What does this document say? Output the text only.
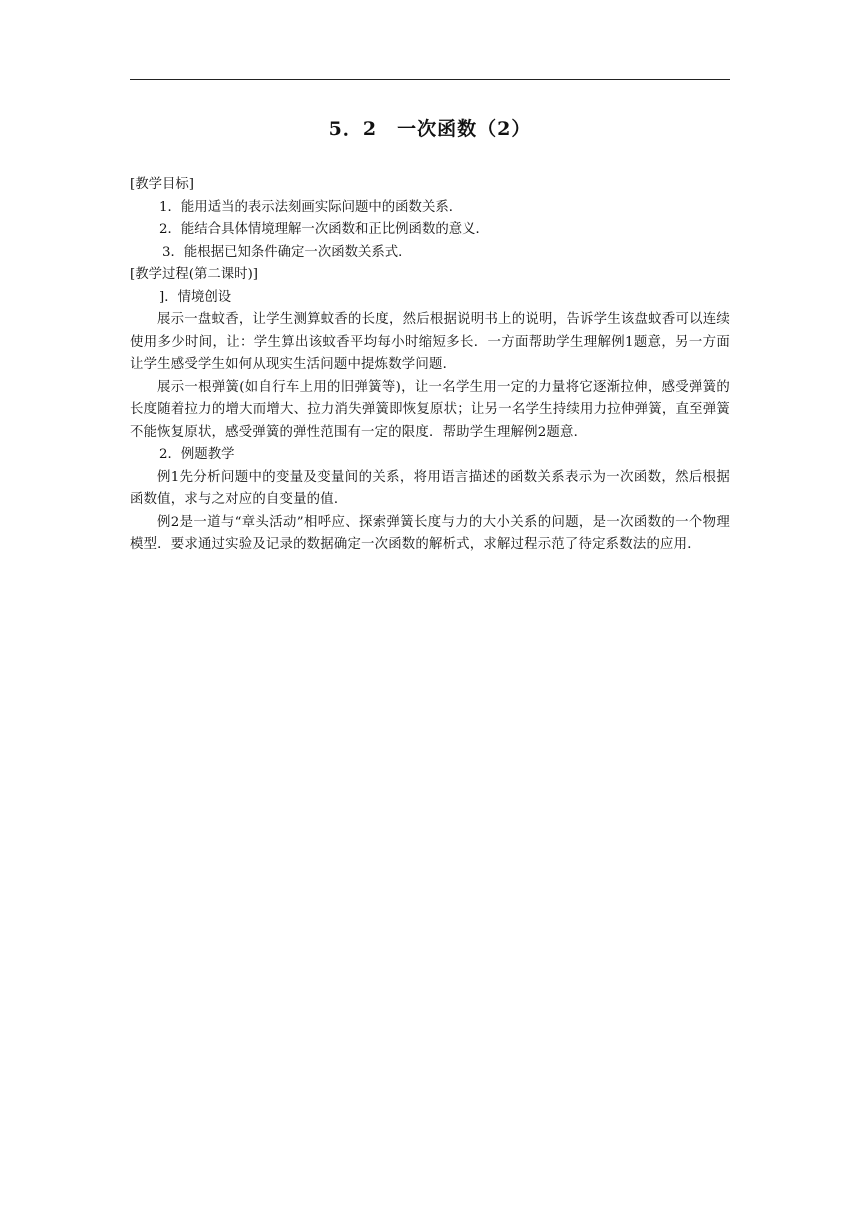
5．2　一次函数（2）

[教学目标]

1．能用适当的表示法刻画实际问题中的函数关系．

2．能结合具体情境理解一次函数和正比例函数的意义．

3．能根据已知条件确定一次函数关系式．

[教学过程(第二课时)]

]．情境创设

展示一盘蚊香，让学生测算蚊香的长度，然后根据说明书上的说明，告诉学生该盘蚊香可以连续使用多少时间，让：学生算出该蚊香平均每小时缩短多长．一方面帮助学生理解例1题意，另一方面让学生感受学生如何从现实生活问题中提炼数学问题．

展示一根弹簧(如自行车上用的旧弹簧等)，让一名学生用一定的力量将它逐渐拉伸，感受弹簧的长度随着拉力的增大而增大、拉力消失弹簧即恢复原状；让另一名学生持续用力拉伸弹簧，直至弹簧不能恢复原状，感受弹簧的弹性范围有一定的限度．帮助学生理解例2题意．

2．例题教学

例1先分析问题中的变量及变量间的关系，将用语言描述的函数关系表示为一次函数，然后根据函数值，求与之对应的自变量的值．

例2是一道与“章头活动”相呼应、探索弹簧长度与力的大小关系的问题，是一次函数的一个物理模型．要求通过实验及记录的数据确定一次函数的解析式，求解过程示范了待定系数法的应用．
